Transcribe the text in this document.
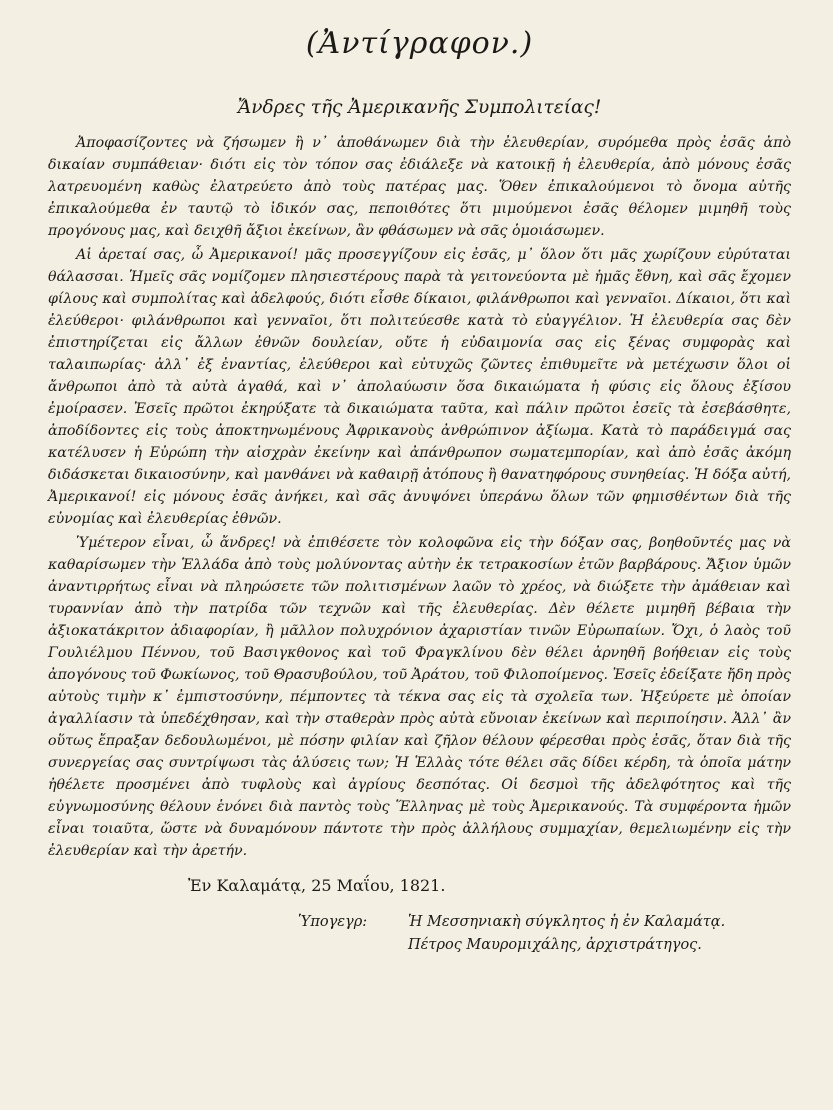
(Ἀντίγραφον.)
Ἄνδρες τῆς Ἀμερικανῆς Συμπολιτείας!

Ἀποφασίζοντες νὰ ζήσωμεν ἢ ν᾽ ἀποθάνωμεν διὰ τὴν ἐλευθερίαν, συρόμεθα πρὸς ἐσᾶς ἀπὸ δικαίαν συμπάθειαν· διότι εἰς τὸν τόπον σας ἐδιάλεξε νὰ κατοικῇ ἡ ἐλευθερία, ἀπὸ μόνους ἐσᾶς λατρευομένη καθὼς ἐλατρεύετο ἀπὸ τοὺς πατέρας μας. Ὅθεν ἐπικαλούμενοι τὸ ὄνομα αὐτῆς ἐπικαλούμεθα ἐν ταυτῷ τὸ ἰδικόν σας, πεποιθότες ὅτι μιμούμενοι ἐσᾶς θέλομεν μιμηθῆ τοὺς προγόνους μας, καὶ δειχθῆ ἄξιοι ἐκείνων, ἂν φθάσωμεν νὰ σᾶς ὁμοιάσωμεν.

Αἱ ἀρεταί σας, ὦ Ἀμερικανοί! μᾶς προσεγγίζουν εἰς ἐσᾶς, μ᾽ ὅλον ὅτι μᾶς χωρίζουν εὐρύταται θάλασσαι. Ἡμεῖς σᾶς νομίζομεν πλησιεστέρους παρὰ τὰ γειτονεύοντα μὲ ἡμᾶς ἔθνη, καὶ σᾶς ἔχομεν φίλους καὶ συμπολίτας καὶ ἀδελφούς, διότι εἶσθε δίκαιοι, φιλάνθρωποι καὶ γενναῖοι. Δίκαιοι, ὅτι καὶ ἐλεύθεροι· φιλάνθρωποι καὶ γενναῖοι, ὅτι πολιτεύεσθε κατὰ τὸ εὐαγγέλιον. Ἡ ἐλευθερία σας δὲν ἐπιστηρίζεται εἰς ἄλλων ἐθνῶν δουλείαν, οὔτε ἡ εὐδαιμονία σας εἰς ξένας συμφορὰς καὶ ταλαιπωρίας· ἀλλ᾽ ἐξ ἐναντίας, ἐλεύθεροι καὶ εὐτυχῶς ζῶντες ἐπιθυμεῖτε νὰ μετέχωσιν ὅλοι οἱ ἄνθρωποι ἀπὸ τὰ αὐτὰ ἀγαθά, καὶ ν᾽ ἀπολαύωσιν ὅσα δικαιώματα ἡ φύσις εἰς ὅλους ἐξίσου ἐμοίρασεν. Ἐσεῖς πρῶτοι ἐκηρύξατε τὰ δικαιώματα ταῦτα, καὶ πάλιν πρῶτοι ἐσεῖς τὰ ἐσεβάσθητε, ἀποδίδοντες εἰς τοὺς ἀποκτηνωμένους Ἀφρικανοὺς ἀνθρώπινον ἀξίωμα. Κατὰ τὸ παράδειγμά σας κατέλυσεν ἡ Εὐρώπη τὴν αἰσχρὰν ἐκείνην καὶ ἀπάνθρωπον σωματεμπορίαν, καὶ ἀπὸ ἐσᾶς ἀκόμη διδάσκεται δικαιοσύνην, καὶ μανθάνει νὰ καθαιρῇ ἀτόπους ἢ θανατηφόρους συνηθείας. Ἡ δόξα αὐτή, Ἀμερικανοί! εἰς μόνους ἐσᾶς ἀνήκει, καὶ σᾶς ἀνυψόνει ὑπεράνω ὅλων τῶν φημισθέντων διὰ τῆς εὐνομίας καὶ ἐλευθερίας ἐθνῶν.

Ὑμέτερον εἶναι, ὦ ἄνδρες! νὰ ἐπιθέσετε τὸν κολοφῶνα εἰς τὴν δόξαν σας, βοηθοῦντές μας νὰ καθαρίσωμεν τὴν Ἑλλάδα ἀπὸ τοὺς μολύνοντας αὐτὴν ἐκ τετρακοσίων ἐτῶν βαρβάρους. Ἄξιον ὑμῶν ἀναντιρρήτως εἶναι νὰ πληρώσετε τῶν πολιτισμένων λαῶν τὸ χρέος, νὰ διώξετε τὴν ἀμάθειαν καὶ τυραννίαν ἀπὸ τὴν πατρίδα τῶν τεχνῶν καὶ τῆς ἐλευθερίας. Δὲν θέλετε μιμηθῆ βέβαια τὴν ἀξιοκατάκριτον ἀδιαφορίαν, ἢ μᾶλλον πολυχρόνιον ἀχαριστίαν τινῶν Εὐρωπαίων. Ὄχι, ὁ λαὸς τοῦ Γουλιέλμου Πέννου, τοῦ Βασιγκθονος καὶ τοῦ Φραγκλίνου δὲν θέλει ἀρνηθῆ βοήθειαν εἰς τοὺς ἀπογόνους τοῦ Φωκίωνος, τοῦ Θρασυβούλου, τοῦ Ἀράτου, τοῦ Φιλοποίμενος. Ἐσεῖς ἐδείξατε ἤδη πρὸς αὐτοὺς τιμὴν κ᾽ ἐμπιστοσύνην, πέμποντες τὰ τέκνα σας εἰς τὰ σχολεῖα των. Ἠξεύρετε μὲ ὁποίαν ἀγαλλίασιν τὰ ὑπεδέχθησαν, καὶ τὴν σταθερὰν πρὸς αὐτὰ εὔνοιαν ἐκείνων καὶ περιποίησιν. Ἀλλ᾽ ἂν οὕτως ἔπραξαν δεδουλωμένοι, μὲ πόσην φιλίαν καὶ ζῆλον θέλουν φέρεσθαι πρὸς ἐσᾶς, ὅταν διὰ τῆς συνεργείας σας συντρίψωσι τὰς ἁλύσεις των; Ἡ Ἑλλὰς τότε θέλει σᾶς δίδει κέρδη, τὰ ὁποῖα μάτην ἠθέλετε προσμένει ἀπὸ τυφλοὺς καὶ ἀγρίους δεσπότας. Οἱ δεσμοὶ τῆς ἀδελφότητος καὶ τῆς εὐγνωμοσύνης θέλουν ἑνόνει διὰ παντὸς τοὺς Ἕλληνας μὲ τοὺς Ἀμερικανούς. Τὰ συμφέροντα ἡμῶν εἶναι τοιαῦτα, ὥστε νὰ δυναμόνουν πάντοτε τὴν πρὸς ἀλλήλους συμμαχίαν, θεμελιωμένην εἰς τὴν ἐλευθερίαν καὶ τὴν ἀρετήν.

Ἐν Καλαμάτᾳ, 25 Μαΐου, 1821.
Ὑπογεγρ:	Ἡ Μεσσηνιακὴ σύγκλητος ἡ ἐν Καλαμάτᾳ.
Πέτρος Μαυρομιχάλης, ἀρχιστράτηγος.
